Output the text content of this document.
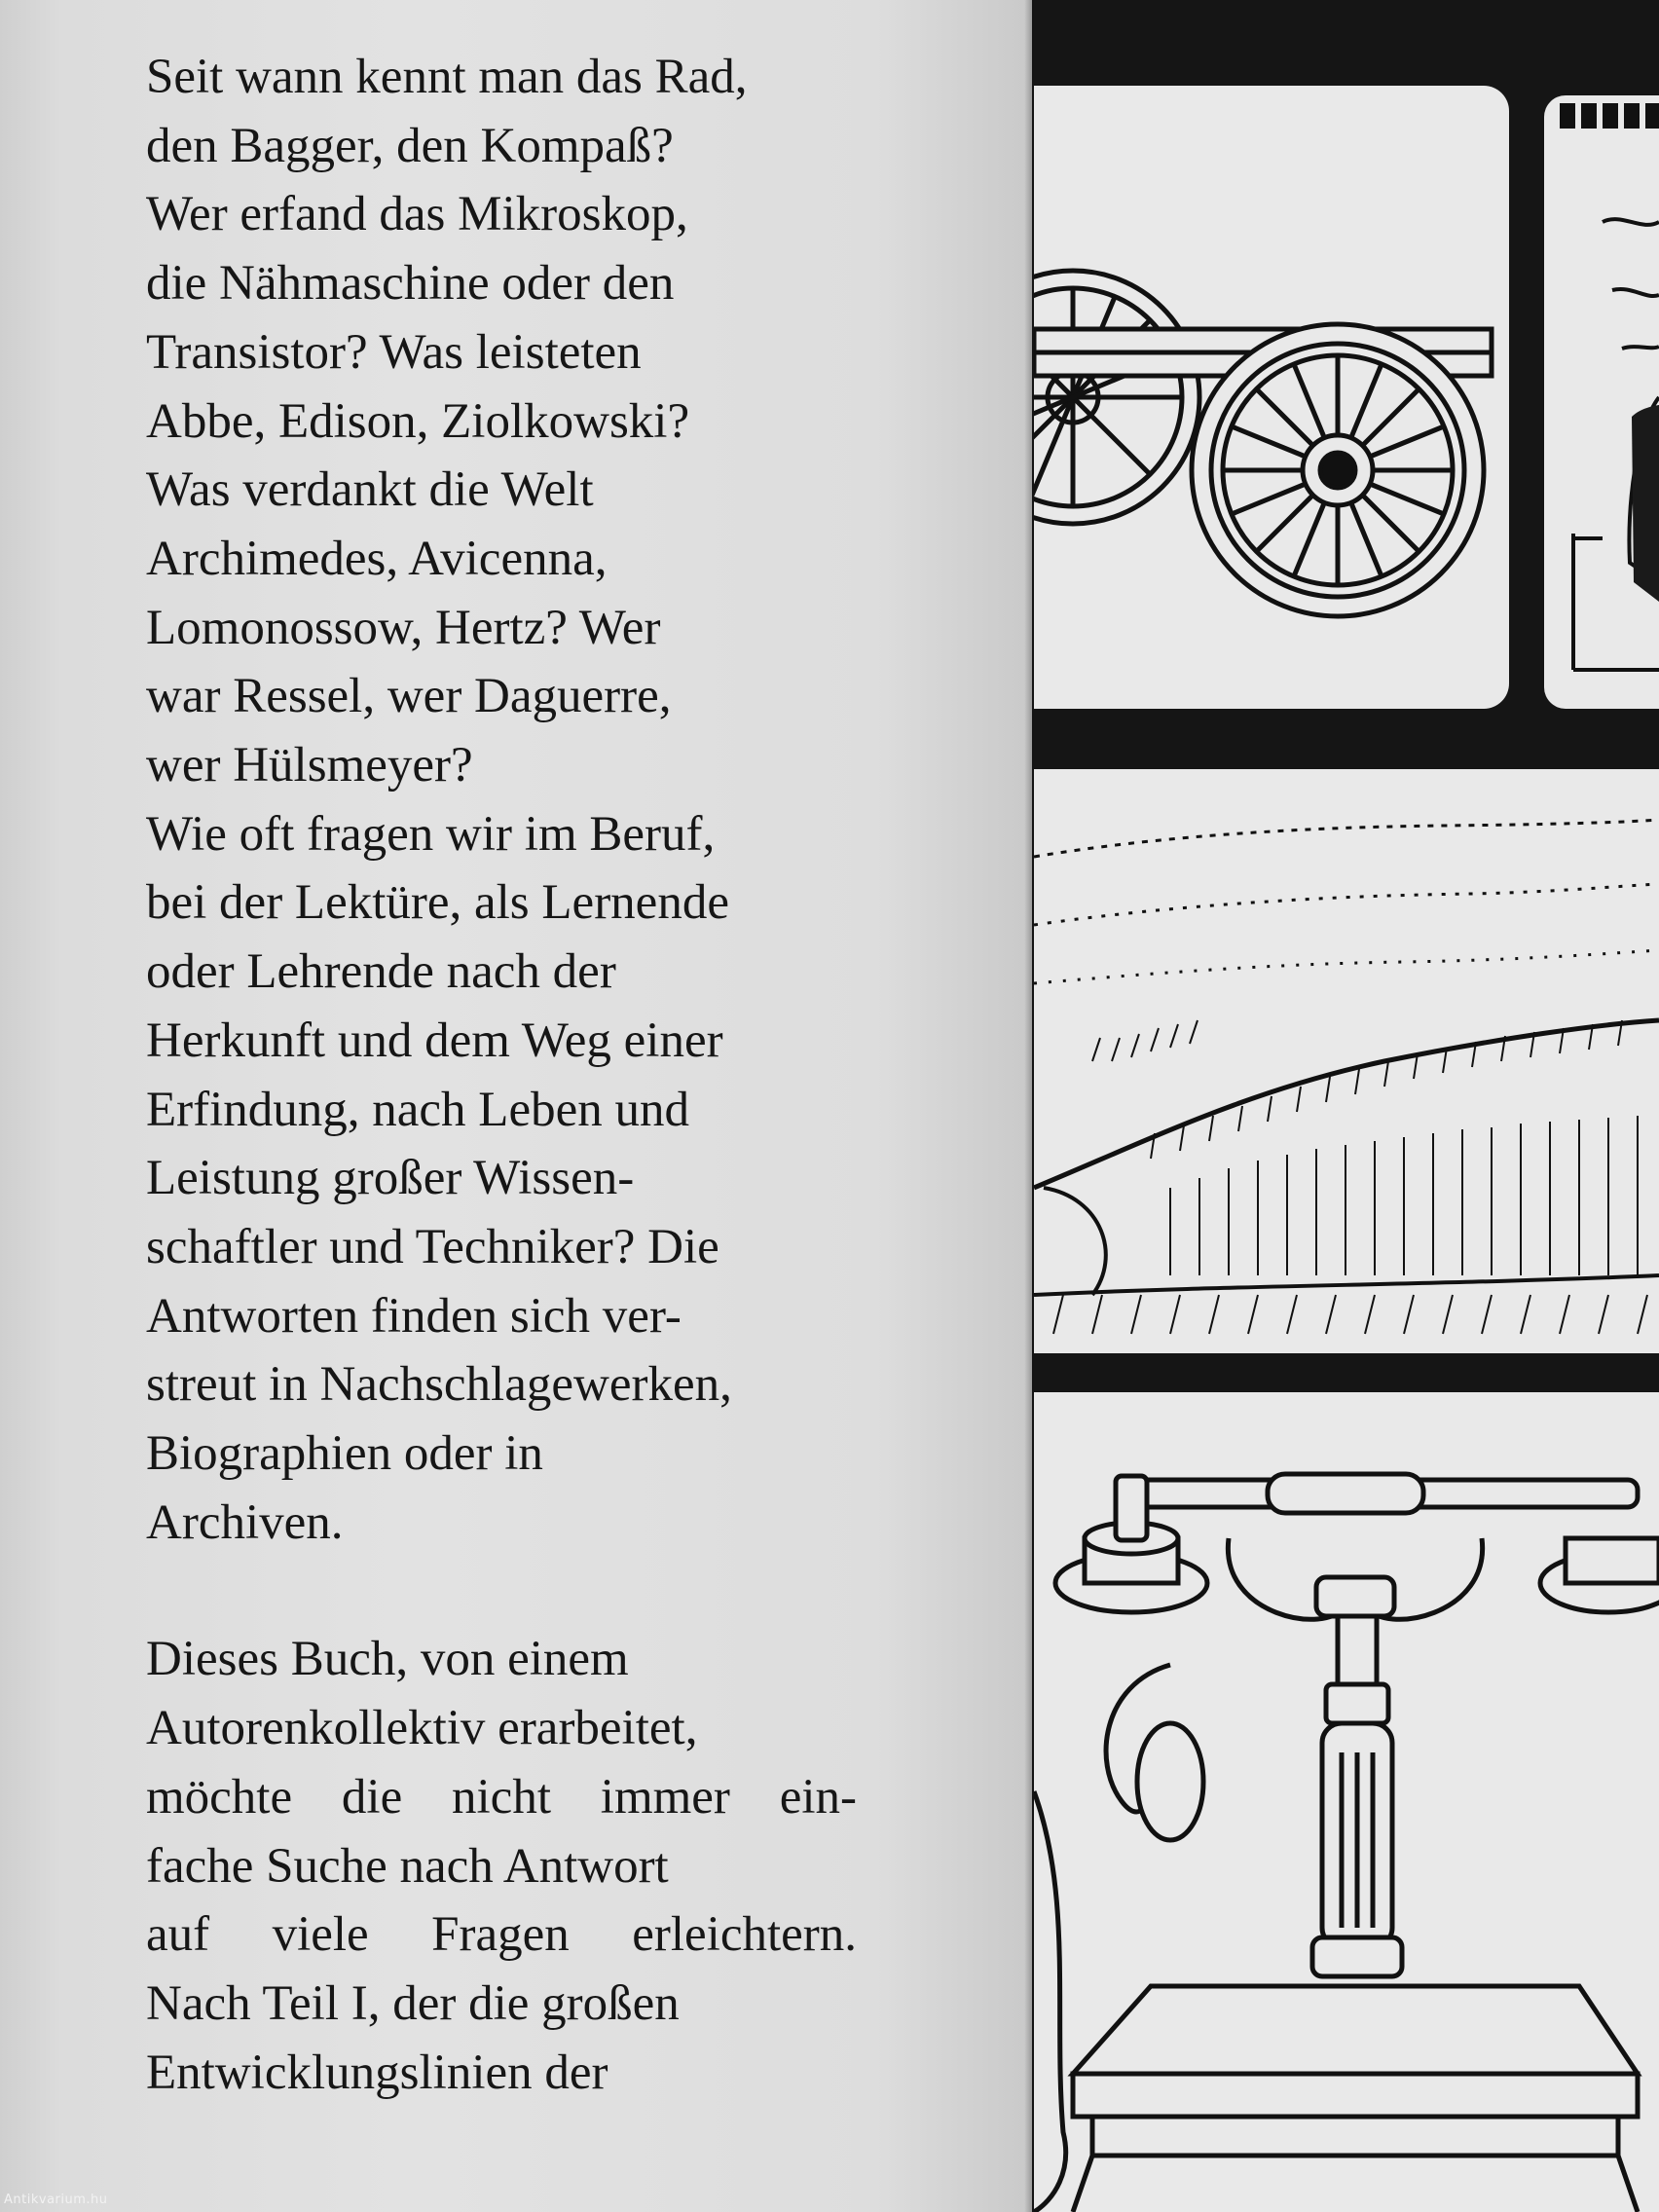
Seit wann kennt man das Rad,
den Bagger, den Kompaß?
Wer erfand das Mikroskop,
die Nähmaschine oder den
Transistor? Was leisteten
Abbe, Edison, Ziolkowski?
Was verdankt die Welt
Archimedes, Avicenna,
Lomonossow, Hertz? Wer
war Ressel, wer Daguerre,
wer Hülsmeyer?
Wie oft fragen wir im Beruf,
bei der Lektüre, als Lernende
oder Lehrende nach der
Herkunft und dem Weg einer
Erfindung, nach Leben und
Leistung großer Wissen-
schaftler und Techniker? Die
Antworten finden sich ver-
streut in Nachschlagewerken,
Biographien oder in
Archiven.

Dieses Buch, von einem
Autorenkollektiv erarbeitet,
möchte die nicht immer ein-
fache Suche nach Antwort
auf viele Fragen erleichtern.
Nach Teil I, der die großen
Entwicklungslinien der

Antikvarium.hu
